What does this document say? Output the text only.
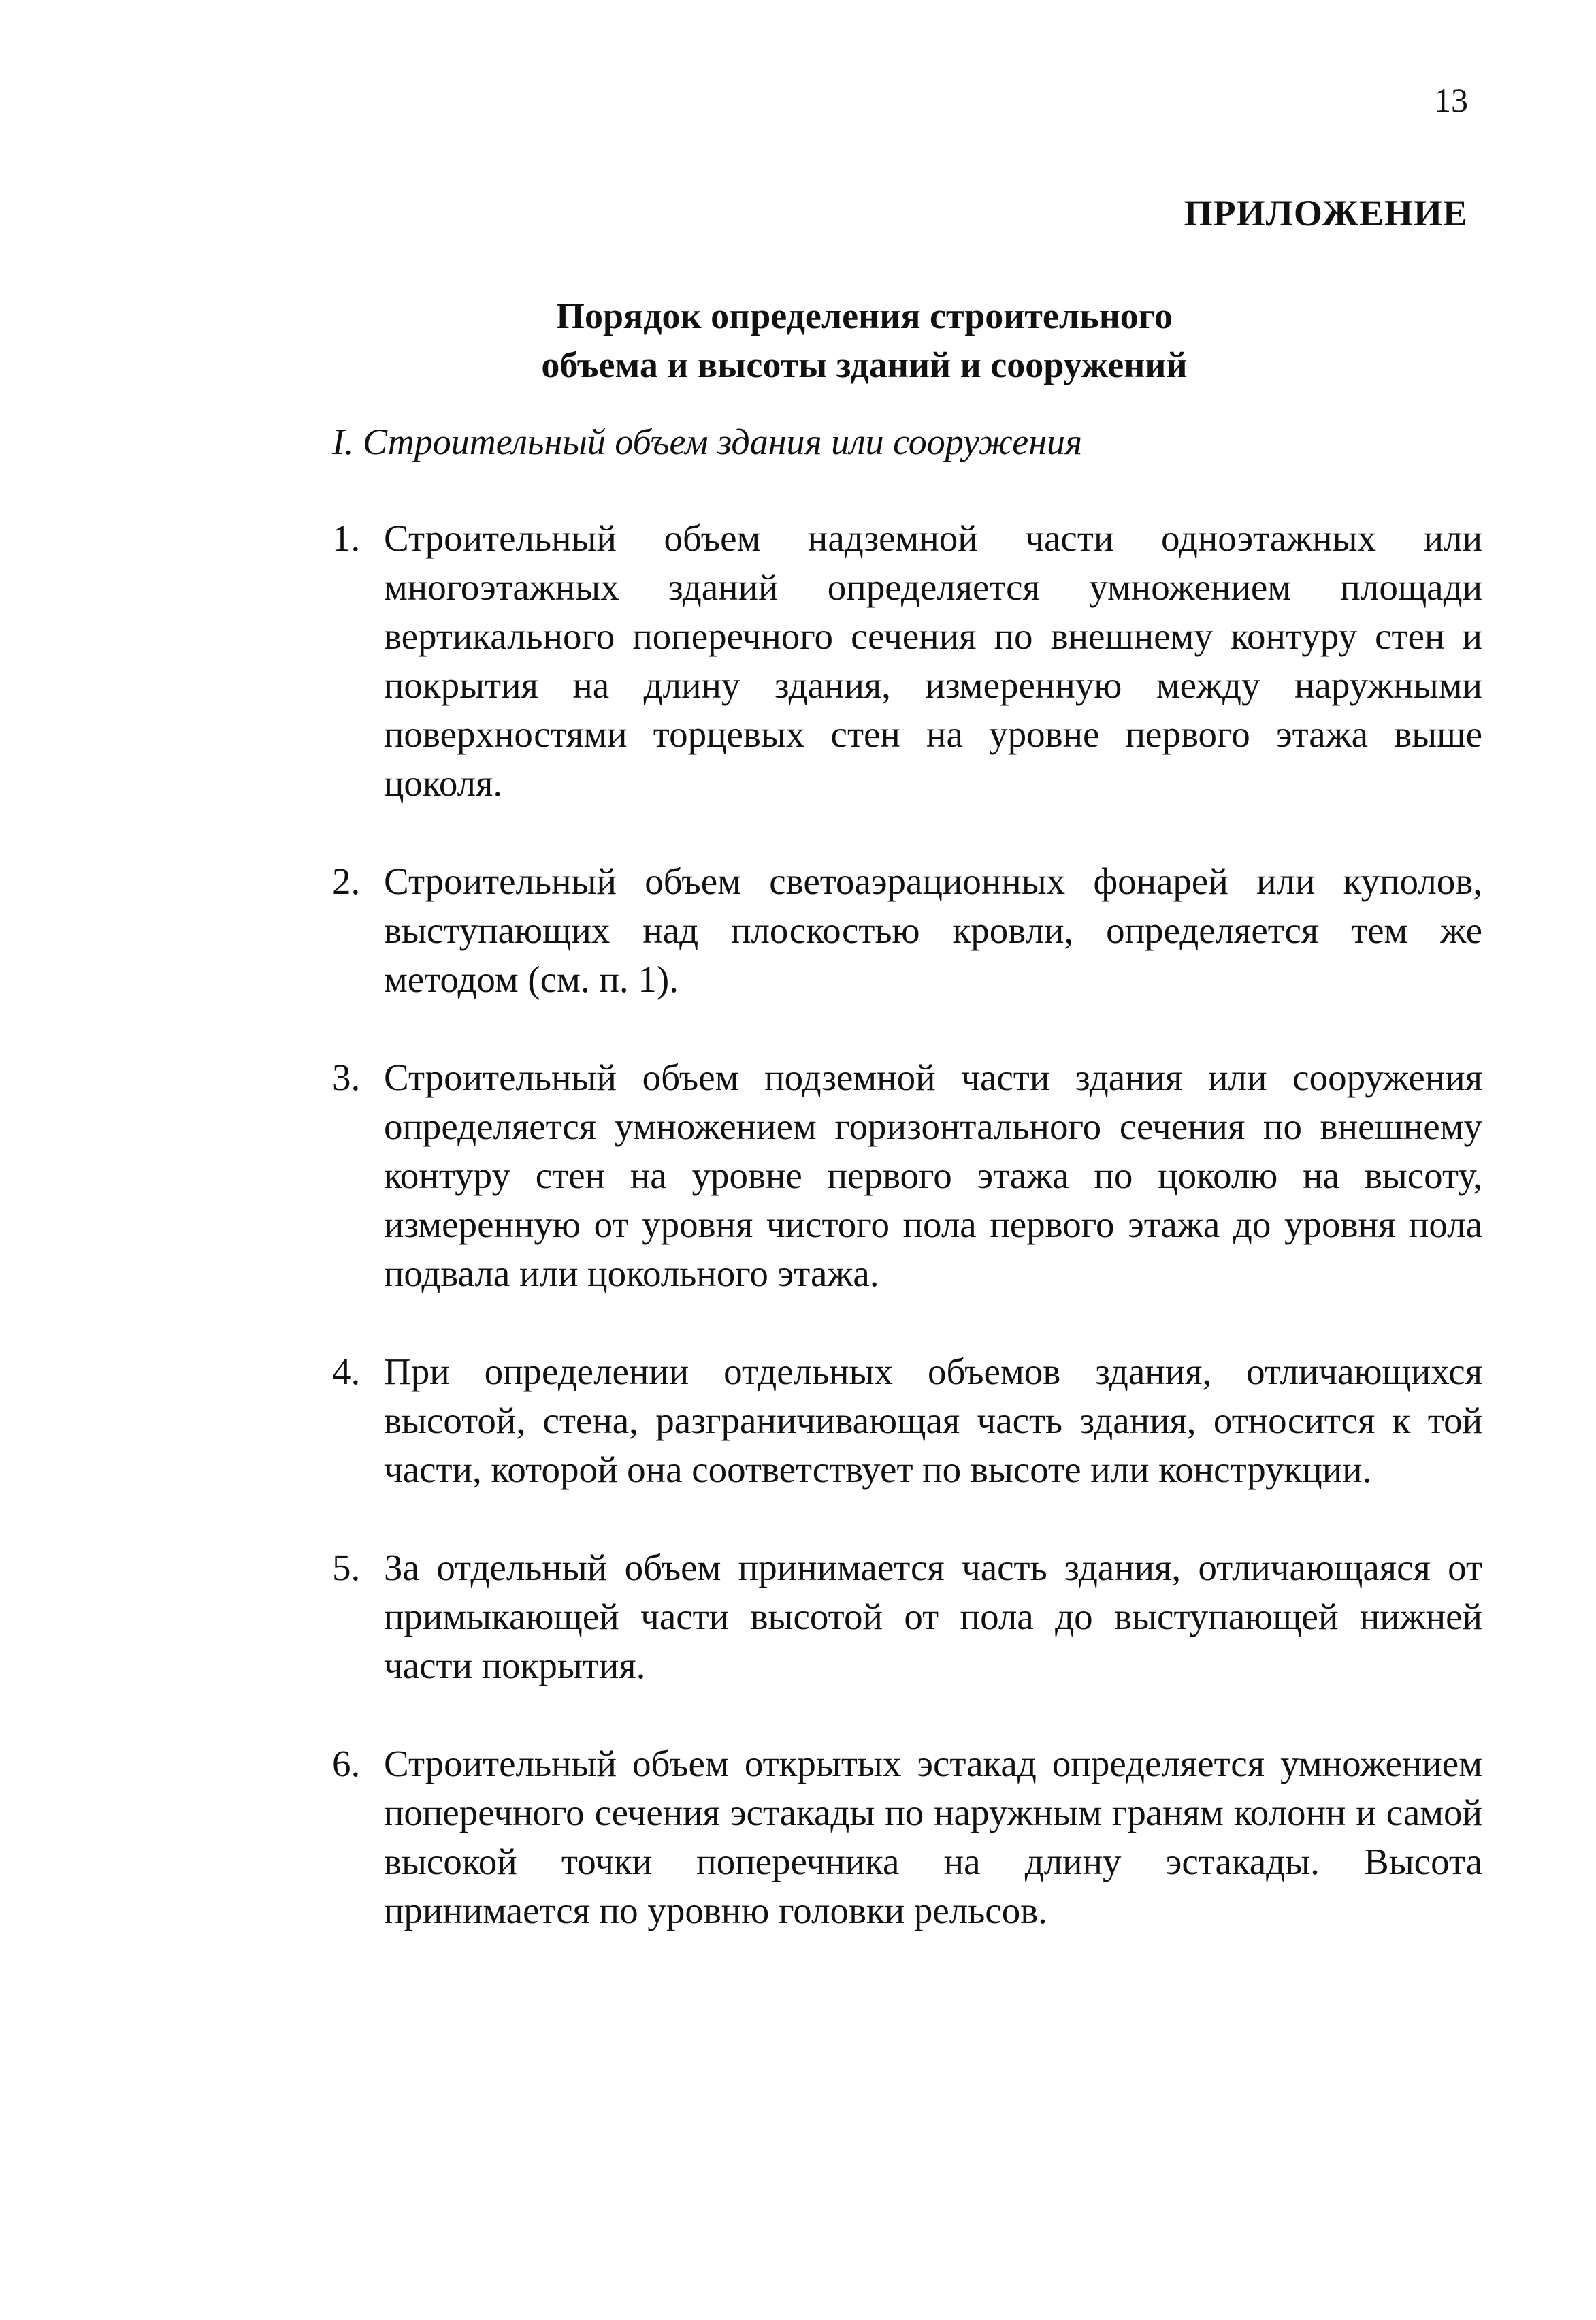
13
ПРИЛОЖЕНИЕ
Порядок определения строительного
объема и высоты зданий и сооружений
I. Строительный объем здания или сооружения
1. Строительный объем надземной части одноэтажных или многоэтажных зданий определяется умножением площади вертикального поперечного сечения по внешнему контуру стен и покрытия на длину здания, измеренную между наружными поверхностями торцевых стен на уровне первого этажа выше цоколя.
2. Строительный объем светоаэрационных фонарей или куполов, выступающих над плоскостью кровли, определяется тем же методом (см. п. 1).
3. Строительный объем подземной части здания или сооружения определяется умножением горизонтального сечения по внешнему контуру стен на уровне первого этажа по цоколю на высоту, измеренную от уровня чистого пола первого этажа до уровня пола подвала или цокольного этажа.
4. При определении отдельных объемов здания, отличающихся высотой, стена, разграничивающая часть здания, относится к той части, которой она соответствует по высоте или конструкции.
5. За отдельный объем принимается часть здания, отличающаяся от примыкающей части высотой от пола до выступающей нижней части покрытия.
6. Строительный объем открытых эстакад определяется умножением поперечного сечения эстакады по наружным граням колонн и самой высокой точки поперечника на длину эстакады. Высота принимается по уровню головки рельсов.
